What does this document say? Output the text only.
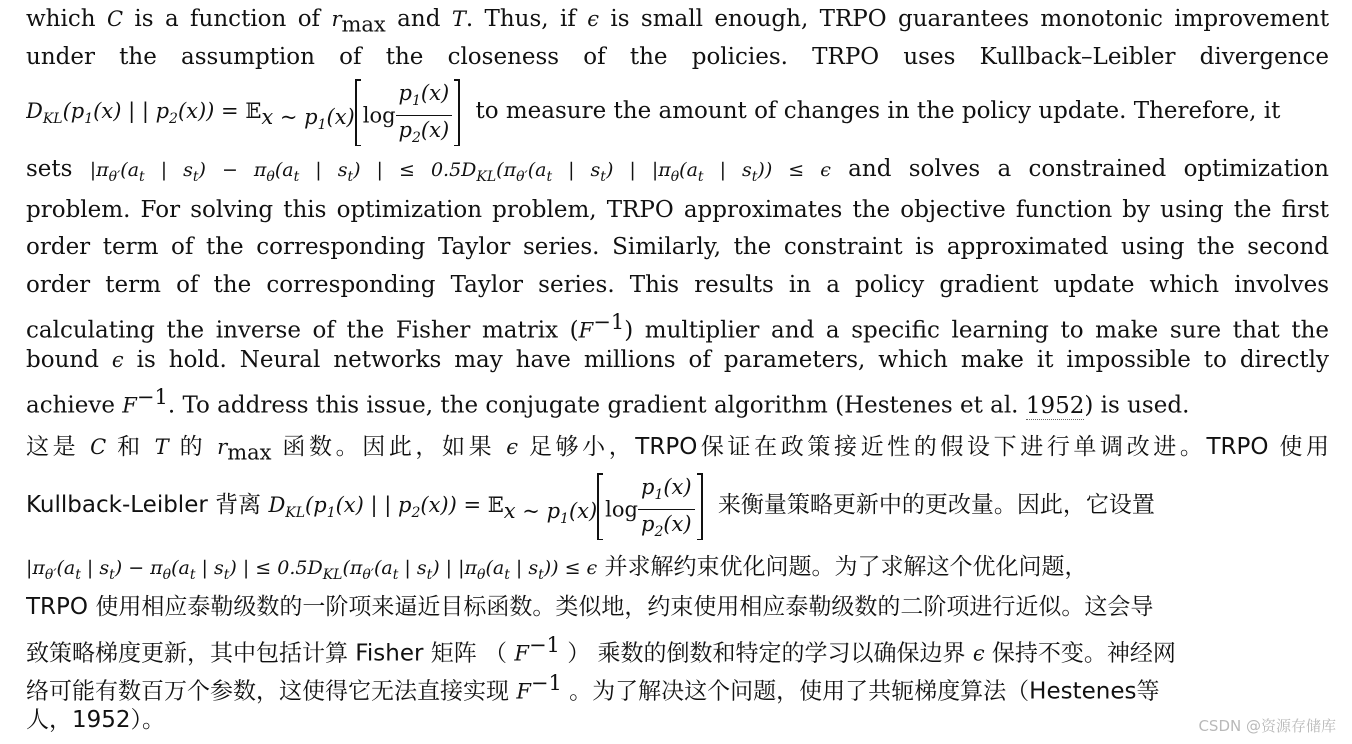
which C is a function of $r_{max}$ and T. Thus, if ϵ is small enough, TRPO guarantees monotonic improvement
under the assumption of the closeness of the policies. TRPO uses Kullback–Leibler divergence
$D_{KL}(p_1(x)$ | | $p_2(x)$) = 𝔼$_{x \sim p_1(x)}$ $\log \frac{p_1(x)}{p_2(x)}$ to measure the amount of changes in the policy update. Therefore, it
sets $|\pi_{\theta'}(a_t$ | $s_t) - \pi_\theta(a_t$ | $s_t$) | ≤ $0.5D_{KL}(\pi_{\theta'}(a_t$ | $s_t$) | $|\pi_\theta(a_t$ | $s_t)) \le \epsilon$ and solves a constrained optimization
problem. For solving this optimization problem, TRPO approximates the objective function by using the first
order term of the corresponding Taylor series. Similarly, the constraint is approximated using the second
order term of the corresponding Taylor series. This results in a policy gradient update which involves
calculating the inverse of the Fisher matrix $(F^{-1})$ multiplier and a specific learning to make sure that the
bound ϵ is hold. Neural networks may have millions of parameters, which make it impossible to directly
achieve $F^{-1}$. To address this issue, the conjugate gradient algorithm (Hestenes et al. 1952) is used.
这是 C 和 T 的 $r_{max}$ 函数。因此，如果 ϵ 足够小，TRPO保证在政策接近性的假设下进行单调改进。TRPO 使用
Kullback-Leibler 背离 $D_{KL}(p_1(x)$ | | $p_2(x)$) = 𝔼$_{x \sim p_1(x)}$ $\log \frac{p_1(x)}{p_2(x)}$ 来衡量策略更新中的更改量。因此，它设置
$|\pi_{\theta'}(a_t$ | $s_t) - \pi_\theta(a_t$ | $s_t$) | ≤ $0.5D_{KL}(\pi_{\theta'}(a_t$ | $s_t$) | $|\pi_\theta(a_t$ | $s_t)) \le \epsilon$ 并求解约束优化问题。为了求解这个优化问题，
TRPO 使用相应泰勒级数的一阶项来逼近目标函数。类似地，约束使用相应泰勒级数的二阶项进行近似。这会导
致策略梯度更新，其中包括计算 Fisher 矩阵 （ $F^{-1}$ ） 乘数的倒数和特定的学习以确保边界 ϵ 保持不变。神经网
络可能有数百万个参数，这使得它无法直接实现 $F^{-1}$ 。为了解决这个问题，使用了共轭梯度算法（Hestenes等
人，1952）。	CSDN @资源存储库
